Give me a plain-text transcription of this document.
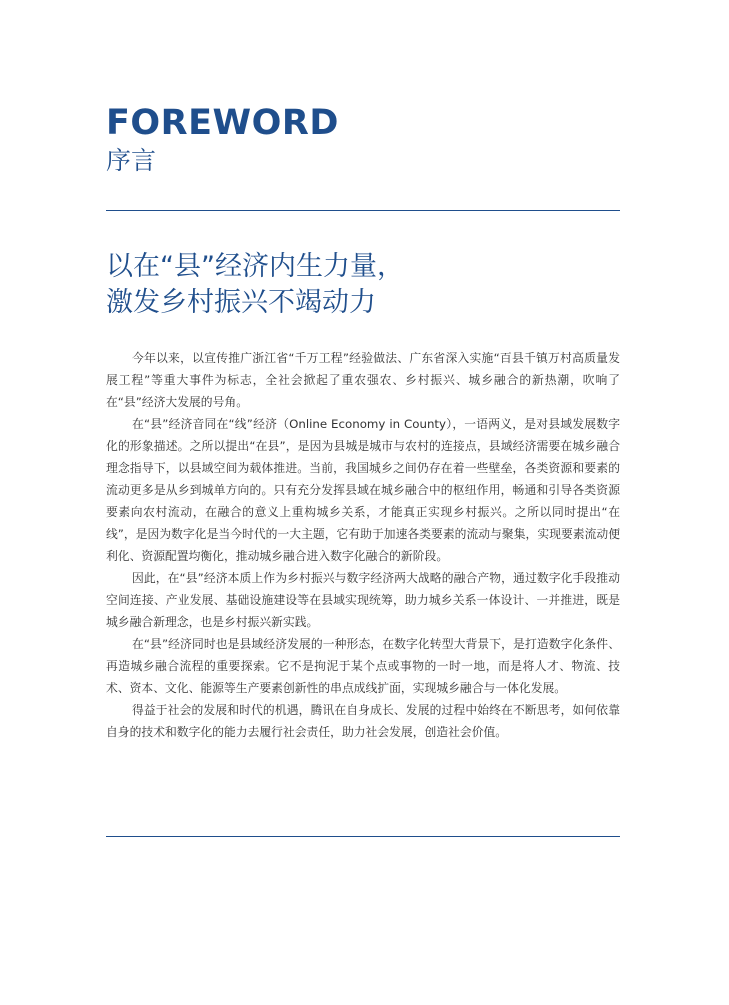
FOREWORD
序言
以在“县”经济内生力量，
激发乡村振兴不竭动力

今年以来，以宣传推广浙江省“千万工程”经验做法、广东省深入实施“百县千镇万村高质量发展工程”等重大事件为标志，全社会掀起了重农强农、乡村振兴、城乡融合的新热潮，吹响了在“县”经济大发展的号角。

在“县”经济音同在“线”经济（Online Economy in County），一语两义，是对县域发展数字化的形象描述。之所以提出“在县”，是因为县城是城市与农村的连接点，县域经济需要在城乡融合理念指导下，以县域空间为载体推进。当前，我国城乡之间仍存在着一些壁垒，各类资源和要素的流动更多是从乡到城单方向的。只有充分发挥县域在城乡融合中的枢纽作用，畅通和引导各类资源要素向农村流动，在融合的意义上重构城乡关系，才能真正实现乡村振兴。之所以同时提出“在线”，是因为数字化是当今时代的一大主题，它有助于加速各类要素的流动与聚集，实现要素流动便利化、资源配置均衡化，推动城乡融合进入数字化融合的新阶段。

因此，在“县”经济本质上作为乡村振兴与数字经济两大战略的融合产物，通过数字化手段推动空间连接、产业发展、基础设施建设等在县域实现统筹，助力城乡关系一体设计、一并推进，既是城乡融合新理念，也是乡村振兴新实践。

在“县”经济同时也是县域经济发展的一种形态，在数字化转型大背景下，是打造数字化条件、再造城乡融合流程的重要探索。它不是拘泥于某个点或事物的一时一地，而是将人才、物流、技术、资本、文化、能源等生产要素创新性的串点成线扩面，实现城乡融合与一体化发展。

得益于社会的发展和时代的机遇，腾讯在自身成长、发展的过程中始终在不断思考，如何依靠自身的技术和数字化的能力去履行社会责任，助力社会发展，创造社会价值。
